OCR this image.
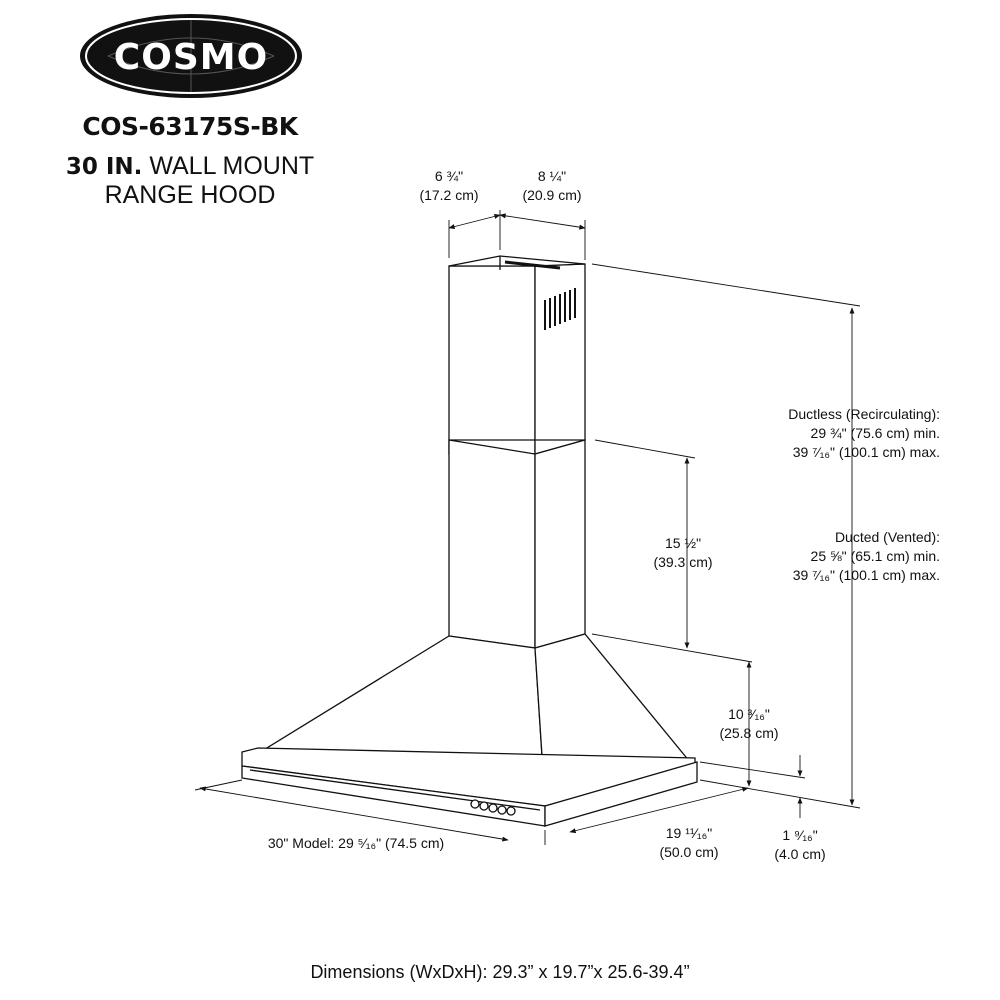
COSMO
COS-63175S-BK
30 IN. WALL MOUNT
RANGE HOOD
6 ¾"
(17.2 cm)
8 ¼"
(20.9 cm)
Ductless (Recirculating):
29 ¾" (75.6 cm) min.
39 ⁷⁄₁₆" (100.1 cm) max.
Ducted (Vented):
25 ⅝" (65.1 cm) min.
39 ⁷⁄₁₆" (100.1 cm) max.
15 ½"
(39.3 cm)
10 ³⁄₁₆"
(25.8 cm)
30" Model: 29 ⁵⁄₁₆" (74.5 cm)
19 ¹¹⁄₁₆"
(50.0 cm)
1 ⁹⁄₁₆"
(4.0 cm)
Dimensions (WxDxH): 29.3” x 19.7”x 25.6-39.4”
